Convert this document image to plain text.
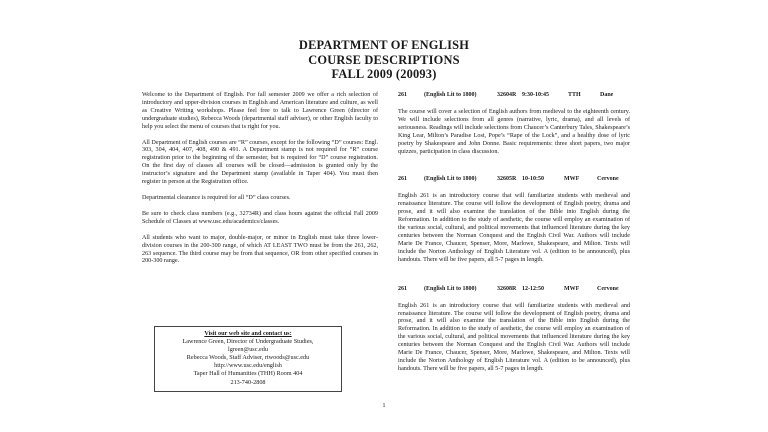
DEPARTMENT OF ENGLISH
COURSE DESCRIPTIONS
FALL 2009 (20093)

Welcome to the Department of English. For fall semester 2009 we offer a rich selection of introductory and upper-division courses in English and American literature and culture, as well as Creative Writing workshops. Please feel free to talk to Lawrence Green (director of undergraduate studies), Rebecca Woods (departmental staff adviser), or other English faculty to help you select the menu of courses that is right for you.

All Department of English courses are “R” courses, except for the following “D” courses: Engl. 303, 304, 404, 407, 408, 490 & 491. A Department stamp is not required for “R” course registration prior to the beginning of the semester, but is required for “D” course registration. On the first day of classes all courses will be closed—admission is granted only by the instructor’s signature and the Department stamp (available in Taper 404). You must then register in person at the Registration office.

Departmental clearance is required for all “D” class courses.

Be sure to check class numbers (e.g., 32734R) and class hours against the official Fall 2009 Schedule of Classes at www.usc.edu/academics/classes.

All students who want to major, double-major, or minor in English must take three lower-division courses in the 200-300 range, of which AT LEAST TWO must be from the 261, 262, 263 sequence. The third course may be from that sequence, OR from other specified courses in 200-300 range.

Visit our web site and contact us:
Lawrence Green, Director of Undergraduate Studies,
lgreen@usc.edu
Rebecca Woods, Staff Adviser, rtwoods@usc.edu
http://www.usc.edu/english
Taper Hall of Humanities (THH) Room 404
213-740-2808
261	(English Lit to 1800)	32604R 9:30-10:45	TTH	Dane

The course will cover a selection of English authors from medieval to the eighteenth century. We will include selections from all genres (narrative, lyric, drama), and all levels of seriousness. Readings will include selections from Chaucer’s Canterbury Tales, Shakespeare’s King Lear, Milton’s Paradise Lost, Pope’s “Rape of the Lock”, and a healthy dose of lyric poetry by Shakespeare and John Donne. Basic requirements: three short papers, two major quizzes, participation in class discussion.

261	(English Lit to 1800)	32605R 10-10:50	MWF	Cervone

English 261 is an introductory course that will familiarize students with medieval and renaissance literature. The course will follow the development of English poetry, drama and prose, and it will also examine the translation of the Bible into English during the Reformation. In addition to the study of aesthetic, the course will employ an examination of the various social, cultural, and political movements that influenced literature during the key centuries between the Norman Conquest and the English Civil War. Authors will include Marie De France, Chaucer, Spenser, More, Marlowe, Shakespeare, and Milton. Texts will include the Norton Anthology of English Literature vol. A (edition to be announced), plus handouts. There will be five papers, all 5-7 pages in length.

261	(English Lit to 1800)	32608R 12-12:50	MWF	Cervone

English 261 is an introductory course that will familiarize students with medieval and renaissance literature. The course will follow the development of English poetry, drama and prose, and it will also examine the translation of the Bible into English during the Reformation. In addition to the study of aesthetic, the course will employ an examination of the various social, cultural, and political movements that influenced literature during the key centuries between the Norman Conquest and the English Civil War. Authors will include Marie De France, Chaucer, Spenser, More, Marlowe, Shakespeare, and Milton. Texts will include the Norton Anthology of English Literature vol. A (edition to be announced), plus handouts. There will be five papers, all 5-7 pages in length.

1
